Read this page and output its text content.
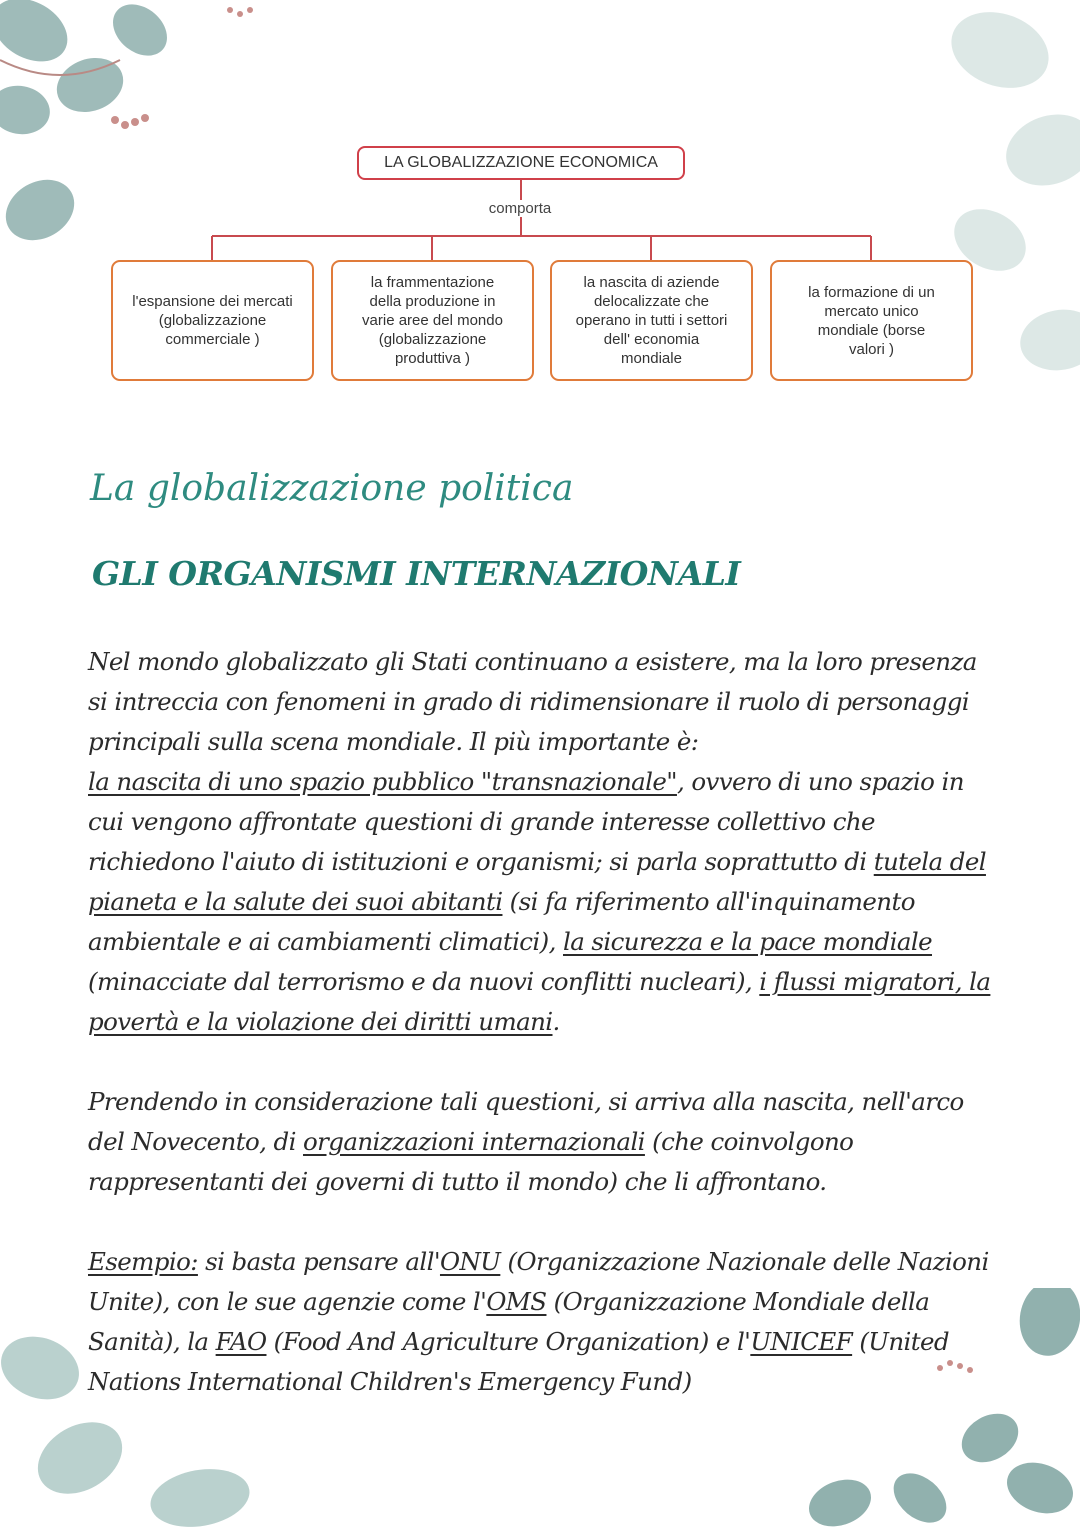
LA GLOBALIZZAZIONE ECONOMICA
comporta
l'espansione dei mercati
(globalizzazione
commerciale )
la frammentazione
della produzione in
varie aree del mondo
(globalizzazione
produttiva )
la nascita di aziende
delocalizzate che
operano in tutti i settori
dell' economia
mondiale
la formazione di un
mercato unico
mondiale (borse
valori )
La globalizzazione politica
GLI ORGANISMI INTERNAZIONALI
Nel mondo globalizzato gli Stati continuano a esistere, ma la loro presenza si intreccia con fenomeni in grado di ridimensionare il ruolo di personaggi principali sulla scena mondiale. Il più importante è:
la nascita di uno spazio pubblico "transnazionale", ovvero di uno spazio in cui vengono affrontate questioni di grande interesse collettivo che richiedono l'aiuto di istituzioni e organismi; si parla soprattutto di tutela del pianeta e la salute dei suoi abitanti (si fa riferimento all'inquinamento ambientale e ai cambiamenti climatici), la sicurezza e la pace mondiale (minacciate dal terrorismo e da nuovi conflitti nucleari), i flussi migratori, la povertà e la violazione dei diritti umani.
Prendendo in considerazione tali questioni, si arriva alla nascita, nell'arco del Novecento, di organizzazioni internazionali (che coinvolgono rappresentanti dei governi di tutto il mondo) che li affrontano.
Esempio: si basta pensare all'ONU (Organizzazione Nazionale delle Nazioni Unite), con le sue agenzie come l'OMS (Organizzazione Mondiale della Sanità), la FAO (Food And Agriculture Organization) e l'UNICEF (United Nations International Children's Emergency Fund)
